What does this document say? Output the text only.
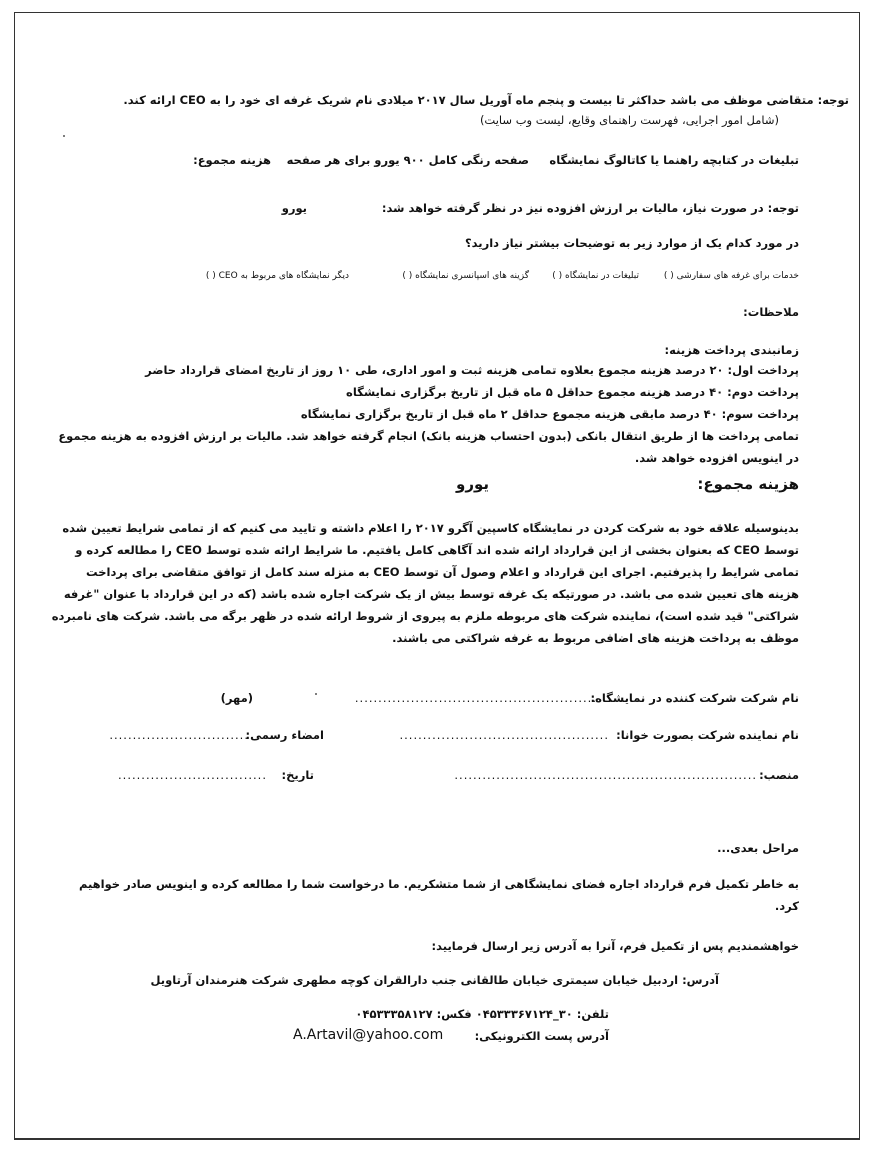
توجه: متقاضی موظف می باشد حداکثر تا بیست و پنجم ماه آوریل سال ۲۰۱۷ میلادی نام شریک غرفه ای خود را به CEO ارائه کند.
(شامل امور اجرایی، فهرست راهنمای وقایع، لیست وب سایت)
تبلیغات در کتابچه راهنما یا کاتالوگ نمایشگاه
صفحه رنگی کامل ۹۰۰ یورو برای هر صفحه
هزینه مجموع:
توجه: در صورت نیاز، مالیات بر ارزش افزوده نیز در نظر گرفته خواهد شد:
یورو
در مورد کدام یک از موارد زیر به توضیحات بیشتر نیاز دارید؟
خدمات برای غرفه های سفارشی ( )
تبلیغات در نمایشگاه ( )
گزینه های اسپانسری نمایشگاه ( )
دیگر نمایشگاه های مربوط به CEO ( )
ملاحظات:
زمانبندی پرداخت هزینه:
پرداخت اول: ۲۰ درصد هزینه مجموع بعلاوه تمامی هزینه ثبت و امور اداری، طی ۱۰ روز از تاریخ امضای قرارداد حاضر
پرداخت دوم: ۴۰ درصد هزینه مجموع حداقل ۵ ماه قبل از تاریخ برگزاری نمایشگاه
پرداخت سوم: ۴۰ درصد مابقی هزینه مجموع حداقل ۲ ماه قبل از تاریخ برگزاری نمایشگاه
تمامی پرداخت ها از طریق انتقال بانکی (بدون احتساب هزینه بانک) انجام گرفته خواهد شد. مالیات بر ارزش افزوده به هزینه مجموع
در اینویس افزوده خواهد شد.
هزینه مجموع:
یورو
بدینوسیله علاقه خود به شرکت کردن در نمایشگاه کاسپین آگرو ۲۰۱۷ را اعلام داشته و تایید می کنیم که از تمامی شرایط تعیین شده
توسط CEO که بعنوان بخشی از این قرارداد ارائه شده اند آگاهی کامل یافتیم. ما شرایط ارائه شده توسط CEO را مطالعه کرده و
تمامی شرایط را پذیرفتیم. اجرای این قرارداد و اعلام وصول آن توسط CEO به منزله سند کامل از توافق متقاضی برای پرداخت
هزینه های تعیین شده می باشد. در صورتیکه یک غرفه توسط بیش از یک شرکت اجاره شده باشد (که در این قرارداد با عنوان "غرفه
شراکتی" قید شده است)، نماینده شرکت های مربوطه ملزم به پیروی از شروط ارائه شده در ظهر برگه می باشد. شرکت های نامبرده
موظف به پرداخت هزینه های اضافی مربوط به غرفه شراکتی می باشند.
نام شرکت شرکت کننده در نمایشگاه:
....................................................
(مهر)
نام نماینده شرکت بصورت خوانا:
.............................................
امضاء رسمی:
..............................
منصب:
.................................................................
تاریخ:
................................
مراحل بعدی...
به خاطر تکمیل فرم قرارداد اجاره فضای نمایشگاهی از شما متشکریم. ما درخواست شما را مطالعه کرده و اینویس صادر خواهیم
کرد.
خواهشمندیم پس از تکمیل فرم، آنرا به آدرس زیر ارسال فرمایید:
آدرس: اردبیل خیابان سیمتری خیابان طالقانی جنب دارالقران کوچه مطهری شرکت هنرمندان آرتاویل
تلفن: ۳۰_۰۴۵۳۳۳۶۷۱۲۴ فکس: ۰۴۵۳۳۳۵۸۱۲۷
آدرس پست الکترونیکی:
A.Artavil@yahoo.com
